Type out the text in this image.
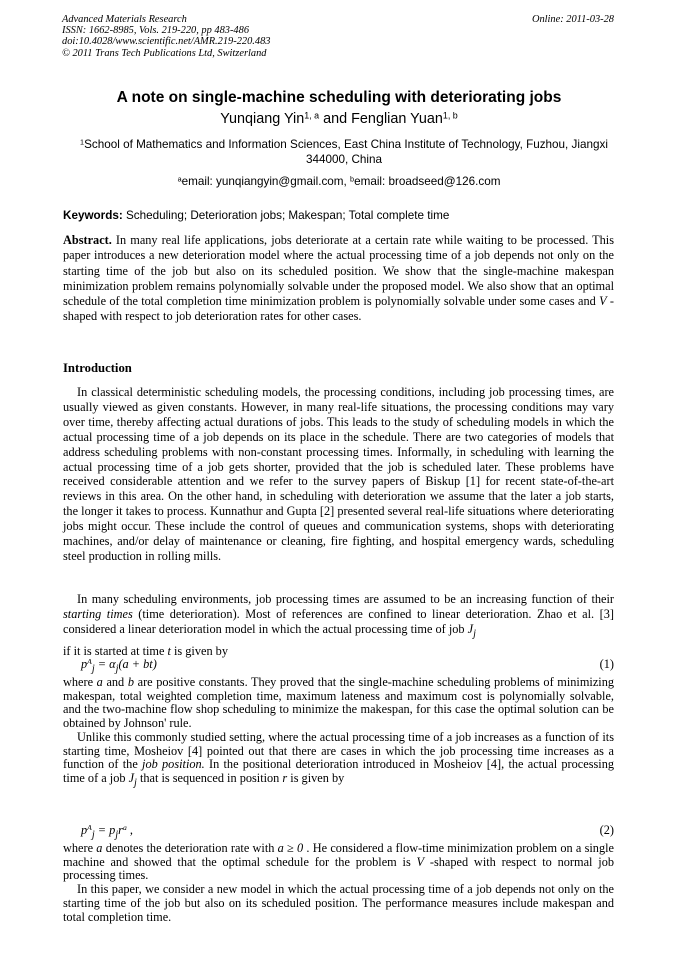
Advanced Materials Research
ISSN: 1662-8985, Vols. 219-220, pp 483-486
doi:10.4028/www.scientific.net/AMR.219-220.483
© 2011 Trans Tech Publications Ltd, Switzerland
Online: 2011-03-28
A note on single-machine scheduling with deteriorating jobs
Yunqiang Yin$^{1, a}$ and Fenglian Yuan$^{1, b}$
$^1$School of Mathematics and Information Sciences, East China Institute of Technology, Fuzhou, Jiangxi 344000, China
$^a$email: yunqiangyin@gmail.com, $^b$email: broadseed@126.com
Keywords: Scheduling; Deterioration jobs; Makespan; Total complete time
Abstract. In many real life applications, jobs deteriorate at a certain rate while waiting to be processed. This paper introduces a new deterioration model where the actual processing time of a job depends not only on the starting time of the job but also on its scheduled position. We show that the single-machine makespan minimization problem remains polynomially solvable under the proposed model. We also show that an optimal schedule of the total completion time minimization problem is polynomially solvable under some cases and V -shaped with respect to job deterioration rates for other cases.
Introduction

In classical deterministic scheduling models, the processing conditions, including job processing times, are usually viewed as given constants. However, in many real-life situations, the processing conditions may vary over time, thereby affecting actual durations of jobs. This leads to the study of scheduling models in which the actual processing time of a job depends on its place in the schedule. There are two categories of models that address scheduling problems with non-constant processing times. Informally, in scheduling with learning the actual processing time of a job gets shorter, provided that the job is scheduled later. These problems have received considerable attention and we refer to the survey papers of Biskup [1] for recent state-of-the-art reviews in this area. On the other hand, in scheduling with deterioration we assume that the later a job starts, the longer it takes to process. Kunnathur and Gupta [2] presented several real-life situations where deteriorating jobs might occur. These include the control of queues and communication systems, shops with deteriorating machines, and/or delay of maintenance or cleaning, fire fighting, and hospital emergency wards, scheduling steel production in rolling mills.

In many scheduling environments, job processing times are assumed to be an increasing function of their starting times (time deterioration). Most of references are confined to linear deterioration. Zhao et al. [3] considered a linear deterioration model in which the actual processing time of job $J_j$

if it is started at time t is given by
$p^A_j = \alpha_j(a + bt)$	(1)
where a and b are positive constants. They proved that the single-machine scheduling problems of minimizing makespan, total weighted completion time, maximum lateness and maximum cost is polynomially solvable, and the two-machine flow shop scheduling to minimize the makespan, for this case the optimal solution can be obtained by Johnson' rule.

Unlike this commonly studied setting, where the actual processing time of a job increases as a function of its starting time, Mosheiov [4] pointed out that there are cases in which the job processing time increases as a function of the job position. In the positional deterioration introduced in Mosheiov [4], the actual processing time of a job $J_j$ that is sequenced in position r is given by

$p^A_j = p_jr^a$ ,	(2)
where a denotes the deterioration rate with a ≥ 0 . He considered a flow-time minimization problem on a single machine and showed that the optimal schedule for the problem is V -shaped with respect to normal job processing times.

In this paper, we consider a new model in which the actual processing time of a job depends not only on the starting time of the job but also on its scheduled position. The performance measures include makespan and total completion time.
